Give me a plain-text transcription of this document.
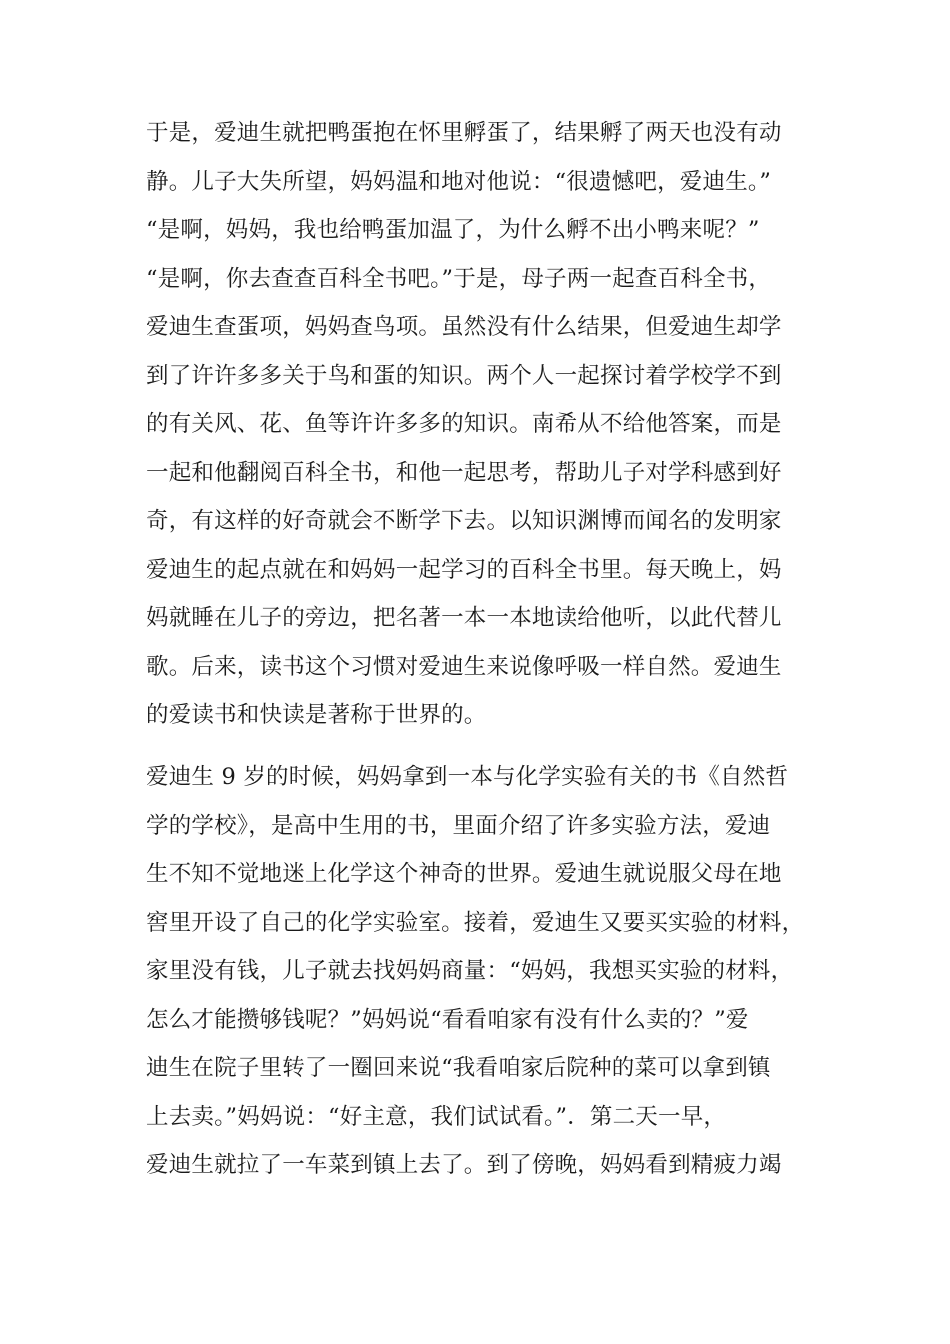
于是，爱迪生就把鸭蛋抱在怀里孵蛋了，结果孵了两天也没有动
静。儿子大失所望，妈妈温和地对他说：“很遗憾吧，爱迪生。”
“是啊，妈妈，我也给鸭蛋加温了，为什么孵不出小鸭来呢？”
“是啊，你去查查百科全书吧。”于是，母子两一起查百科全书，
爱迪生查蛋项，妈妈查鸟项。虽然没有什么结果，但爱迪生却学
到了许许多多关于鸟和蛋的知识。两个人一起探讨着学校学不到
的有关风、花、鱼等许许多多的知识。南希从不给他答案，而是
一起和他翻阅百科全书，和他一起思考，帮助儿子对学科感到好
奇，有这样的好奇就会不断学下去。以知识渊博而闻名的发明家
爱迪生的起点就在和妈妈一起学习的百科全书里。每天晚上，妈
妈就睡在儿子的旁边，把名著一本一本地读给他听，以此代替儿
歌。后来，读书这个习惯对爱迪生来说像呼吸一样自然。爱迪生
的爱读书和快读是著称于世界的。
爱迪生 9 岁的时候，妈妈拿到一本与化学实验有关的书《自然哲
学的学校》，是高中生用的书，里面介绍了许多实验方法，爱迪
生不知不觉地迷上化学这个神奇的世界。爱迪生就说服父母在地
窖里开设了自己的化学实验室。接着，爱迪生又要买实验的材料，
家里没有钱，儿子就去找妈妈商量：“妈妈，我想买实验的材料，
怎么才能攒够钱呢？”妈妈说“看看咱家有没有什么卖的？”爱
迪生在院子里转了一圈回来说“我看咱家后院种的菜可以拿到镇
上去卖。”妈妈说：“好主意，我们试试看。”．第二天一早，
爱迪生就拉了一车菜到镇上去了。到了傍晚，妈妈看到精疲力竭
